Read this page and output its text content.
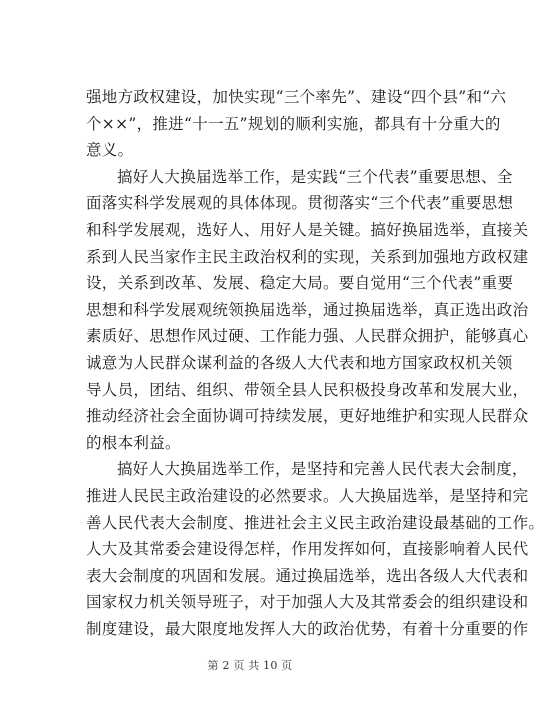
强地方政权建设，加快实现“三个率先”、建设“四个县”和“六
个××”，推进“十一五”规划的顺利实施，都具有十分重大的
意义。

搞好人大换届选举工作，是实践“三个代表”重要思想、全
面落实科学发展观的具体体现。贯彻落实“三个代表”重要思想
和科学发展观，选好人、用好人是关键。搞好换届选举，直接关
系到人民当家作主民主政治权利的实现，关系到加强地方政权建
设，关系到改革、发展、稳定大局。要自觉用“三个代表”重要
思想和科学发展观统领换届选举，通过换届选举，真正选出政治
素质好、思想作风过硬、工作能力强、人民群众拥护，能够真心
诚意为人民群众谋利益的各级人大代表和地方国家政权机关领
导人员，团结、组织、带领全县人民积极投身改革和发展大业，
推动经济社会全面协调可持续发展，更好地维护和实现人民群众
的根本利益。

搞好人大换届选举工作，是坚持和完善人民代表大会制度，
推进人民民主政治建设的必然要求。人大换届选举，是坚持和完
善人民代表大会制度、推进社会主义民主政治建设最基础的工作。
人大及其常委会建设得怎样，作用发挥如何，直接影响着人民代
表大会制度的巩固和发展。通过换届选举，选出各级人大代表和
国家权力机关领导班子，对于加强人大及其常委会的组织建设和
制度建设，最大限度地发挥人大的政治优势，有着十分重要的作

第 2 页 共 10 页
